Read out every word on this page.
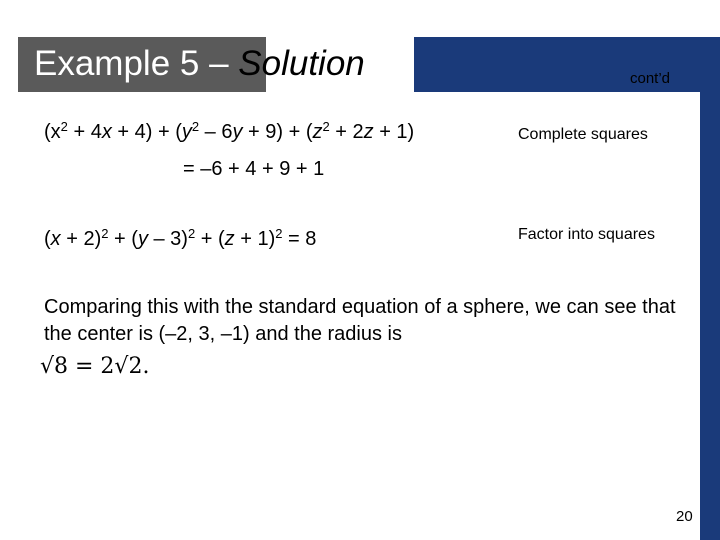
Example 5 – Solution	cont’d
$(x^2 + 4x + 4) + (y^2 - 6y + 9) + (z^2 + 2z + 1)$
= –6 + 4 + 9 + 1
Complete squares
$(x + 2)^2 + (y - 3)^2 + (z + 1)^2 = 8$	Factor into squares
Comparing this with the standard equation of a sphere, we can see that the center is (–2, 3, –1) and the radius is
√8 = 2√2.
20
